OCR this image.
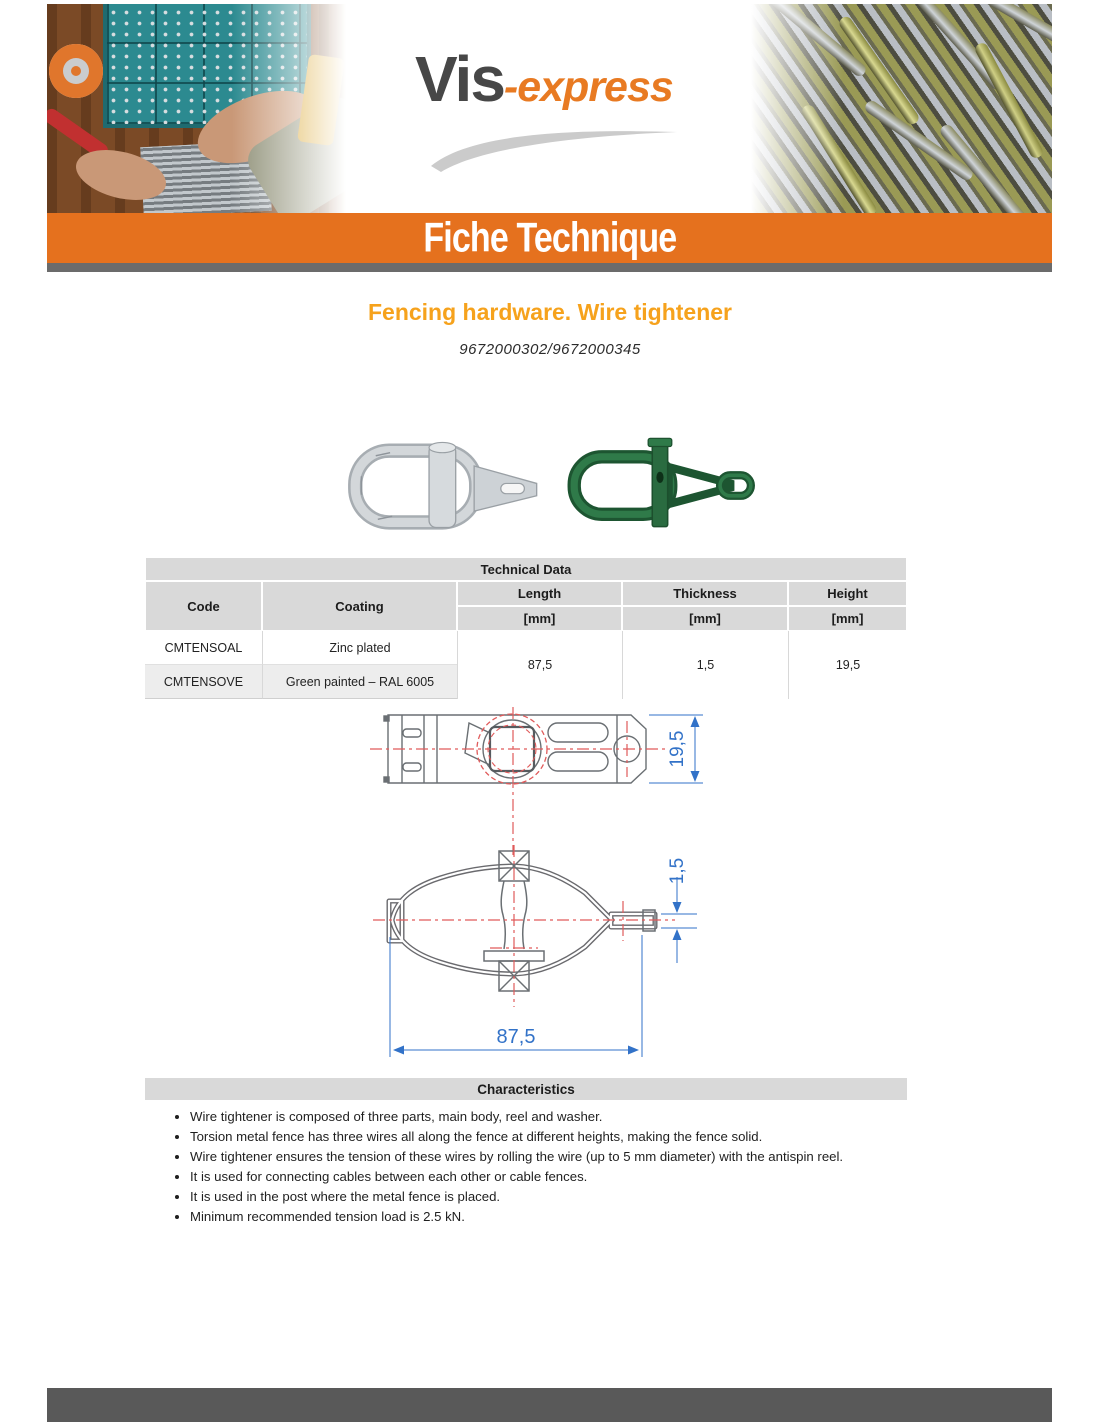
Vis-express
Fiche Technique
Fencing hardware. Wire tightener
9672000302/9672000345
Technical Data				
Code	Coating	Length	Thickness	Height
		[mm]	[mm]	[mm]
CMTENSOAL	Zinc plated	87,5	1,5	19,5
CMTENSOVE	Green painted – RAL 6005			
19,5
1,5
87,5
Characteristics
• Wire tightener is composed of three parts, main body, reel and washer.
• Torsion metal fence has three wires all along the fence at different heights, making the fence solid.
• Wire tightener ensures the tension of these wires by rolling the wire (up to 5 mm diameter) with the antispin reel.
• It is used for connecting cables between each other or cable fences.
• It is used in the post where the metal fence is placed.
• Minimum recommended tension load is 2.5 kN.
